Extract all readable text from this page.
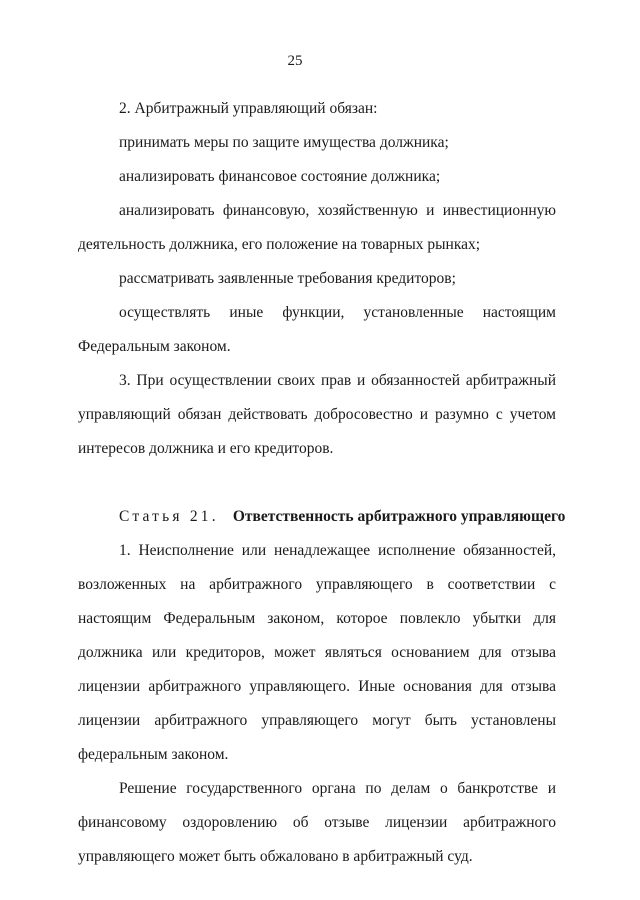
25
2. Арбитражный управляющий обязан:
принимать меры по защите имущества должника;
анализировать финансовое состояние должника;
анализировать финансовую, хозяйственную и инвестиционную
деятельность должника, его положение на товарных рынках;
рассматривать заявленные требования кредиторов;
осуществлять иные функции, установленные настоящим
Федеральным законом.
3. При осуществлении своих прав и обязанностей арбитражный
управляющий обязан действовать добросовестно и разумно с учетом
интересов должника и его кредиторов.
Статья 21. Ответственность арбитражного управляющего
1. Неисполнение или ненадлежащее исполнение обязанностей,
возложенных на арбитражного управляющего в соответствии с
настоящим Федеральным законом, которое повлекло убытки для
должника или кредиторов, может являться основанием для отзыва
лицензии арбитражного управляющего. Иные основания для отзыва
лицензии арбитражного управляющего могут быть установлены
федеральным законом.
Решение государственного органа по делам о банкротстве и
финансовому оздоровлению об отзыве лицензии арбитражного
управляющего может быть обжаловано в арбитражный суд.
